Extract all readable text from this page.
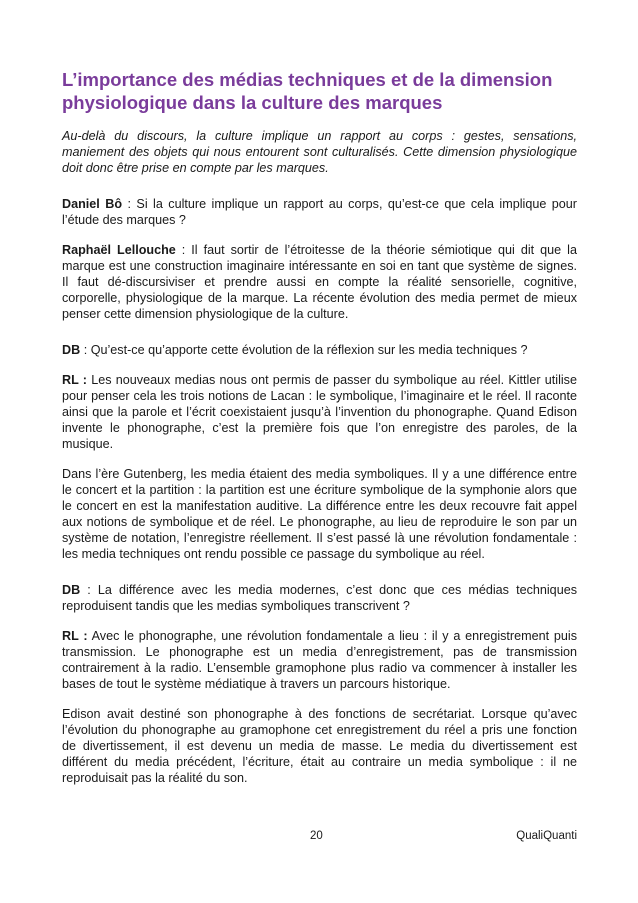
L’importance des médias techniques et de la dimension physiologique dans la culture des marques

Au-delà du discours, la culture implique un rapport au corps : gestes, sensations, maniement des objets qui nous entourent sont culturalisés. Cette dimension physiologique doit donc être prise en compte par les marques.

Daniel Bô : Si la culture implique un rapport au corps, qu’est-ce que cela implique pour l’étude des marques ?

Raphaël Lellouche : Il faut sortir de l’étroitesse de la théorie sémiotique qui dit que la marque est une construction imaginaire intéressante en soi en tant que système de signes. Il faut dé-discursiviser et prendre aussi en compte la réalité sensorielle, cognitive, corporelle, physiologique de la marque. La récente évolution des media permet de mieux penser cette dimension physiologique de la culture.

DB : Qu’est-ce qu’apporte cette évolution de la réflexion sur les media techniques ?

RL : Les nouveaux medias nous ont permis de passer du symbolique au réel. Kittler utilise pour penser cela les trois notions de Lacan : le symbolique, l’imaginaire et le réel. Il raconte ainsi que la parole et l’écrit coexistaient jusqu’à l’invention du phonographe. Quand Edison invente le phonographe, c’est la première fois que l’on enregistre des paroles, de la musique.

Dans l’ère Gutenberg, les media étaient des media symboliques. Il y a une différence entre le concert et la partition : la partition est une écriture symbolique de la symphonie alors que le concert en est la manifestation auditive. La différence entre les deux recouvre fait appel aux notions de symbolique et de réel. Le phonographe, au lieu de reproduire le son par un système de notation, l’enregistre réellement. Il s’est passé là une révolution fondamentale : les media techniques ont rendu possible ce passage du symbolique au réel.

DB : La différence avec les media modernes, c’est donc que ces médias techniques reproduisent tandis que les medias symboliques transcrivent ?

RL : Avec le phonographe, une révolution fondamentale a lieu : il y a enregistrement puis transmission. Le phonographe est un media d’enregistrement, pas de transmission contrairement à la radio. L’ensemble gramophone plus radio va commencer à installer les bases de tout le système médiatique à travers un parcours historique.

Edison avait destiné son phonographe à des fonctions de secrétariat. Lorsque qu’avec l’évolution du phonographe au gramophone cet enregistrement du réel a pris une fonction de divertissement, il est devenu un media de masse. Le media du divertissement est différent du media précédent, l’écriture, était au contraire un media symbolique : il ne reproduisait pas la réalité du son.

20	QualiQuanti
